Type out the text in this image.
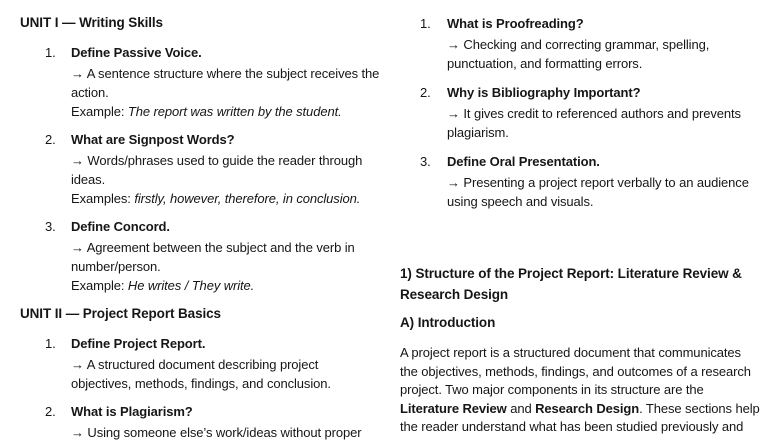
UNIT I — Writing Skills
1. Define Passive Voice.
→ A sentence structure where the subject receives the
action.
Example: The report was written by the student.
2. What are Signpost Words?
→ Words/phrases used to guide the reader through
ideas.
Examples: firstly, however, therefore, in conclusion.
3. Define Concord.
→ Agreement between the subject and the verb in
number/person.
Example: He writes / They write.
UNIT II — Project Report Basics
1. Define Project Report.
→ A structured document describing project
objectives, methods, findings, and conclusion.
2. What is Plagiarism?
→ Using someone else’s work/ideas without proper
1. What is Proofreading?
→ Checking and correcting grammar, spelling,
punctuation, and formatting errors.
2. Why is Bibliography Important?
→ It gives credit to referenced authors and prevents
plagiarism.
3. Define Oral Presentation.
→ Presenting a project report verbally to an audience
using speech and visuals.
1) Structure of the Project Report: Literature Review &
Research Design
A) Introduction
A project report is a structured document that communicates
the objectives, methods, findings, and outcomes of a research
project. Two major components in its structure are the
Literature Review and Research Design. These sections help
the reader understand what has been studied previously and
